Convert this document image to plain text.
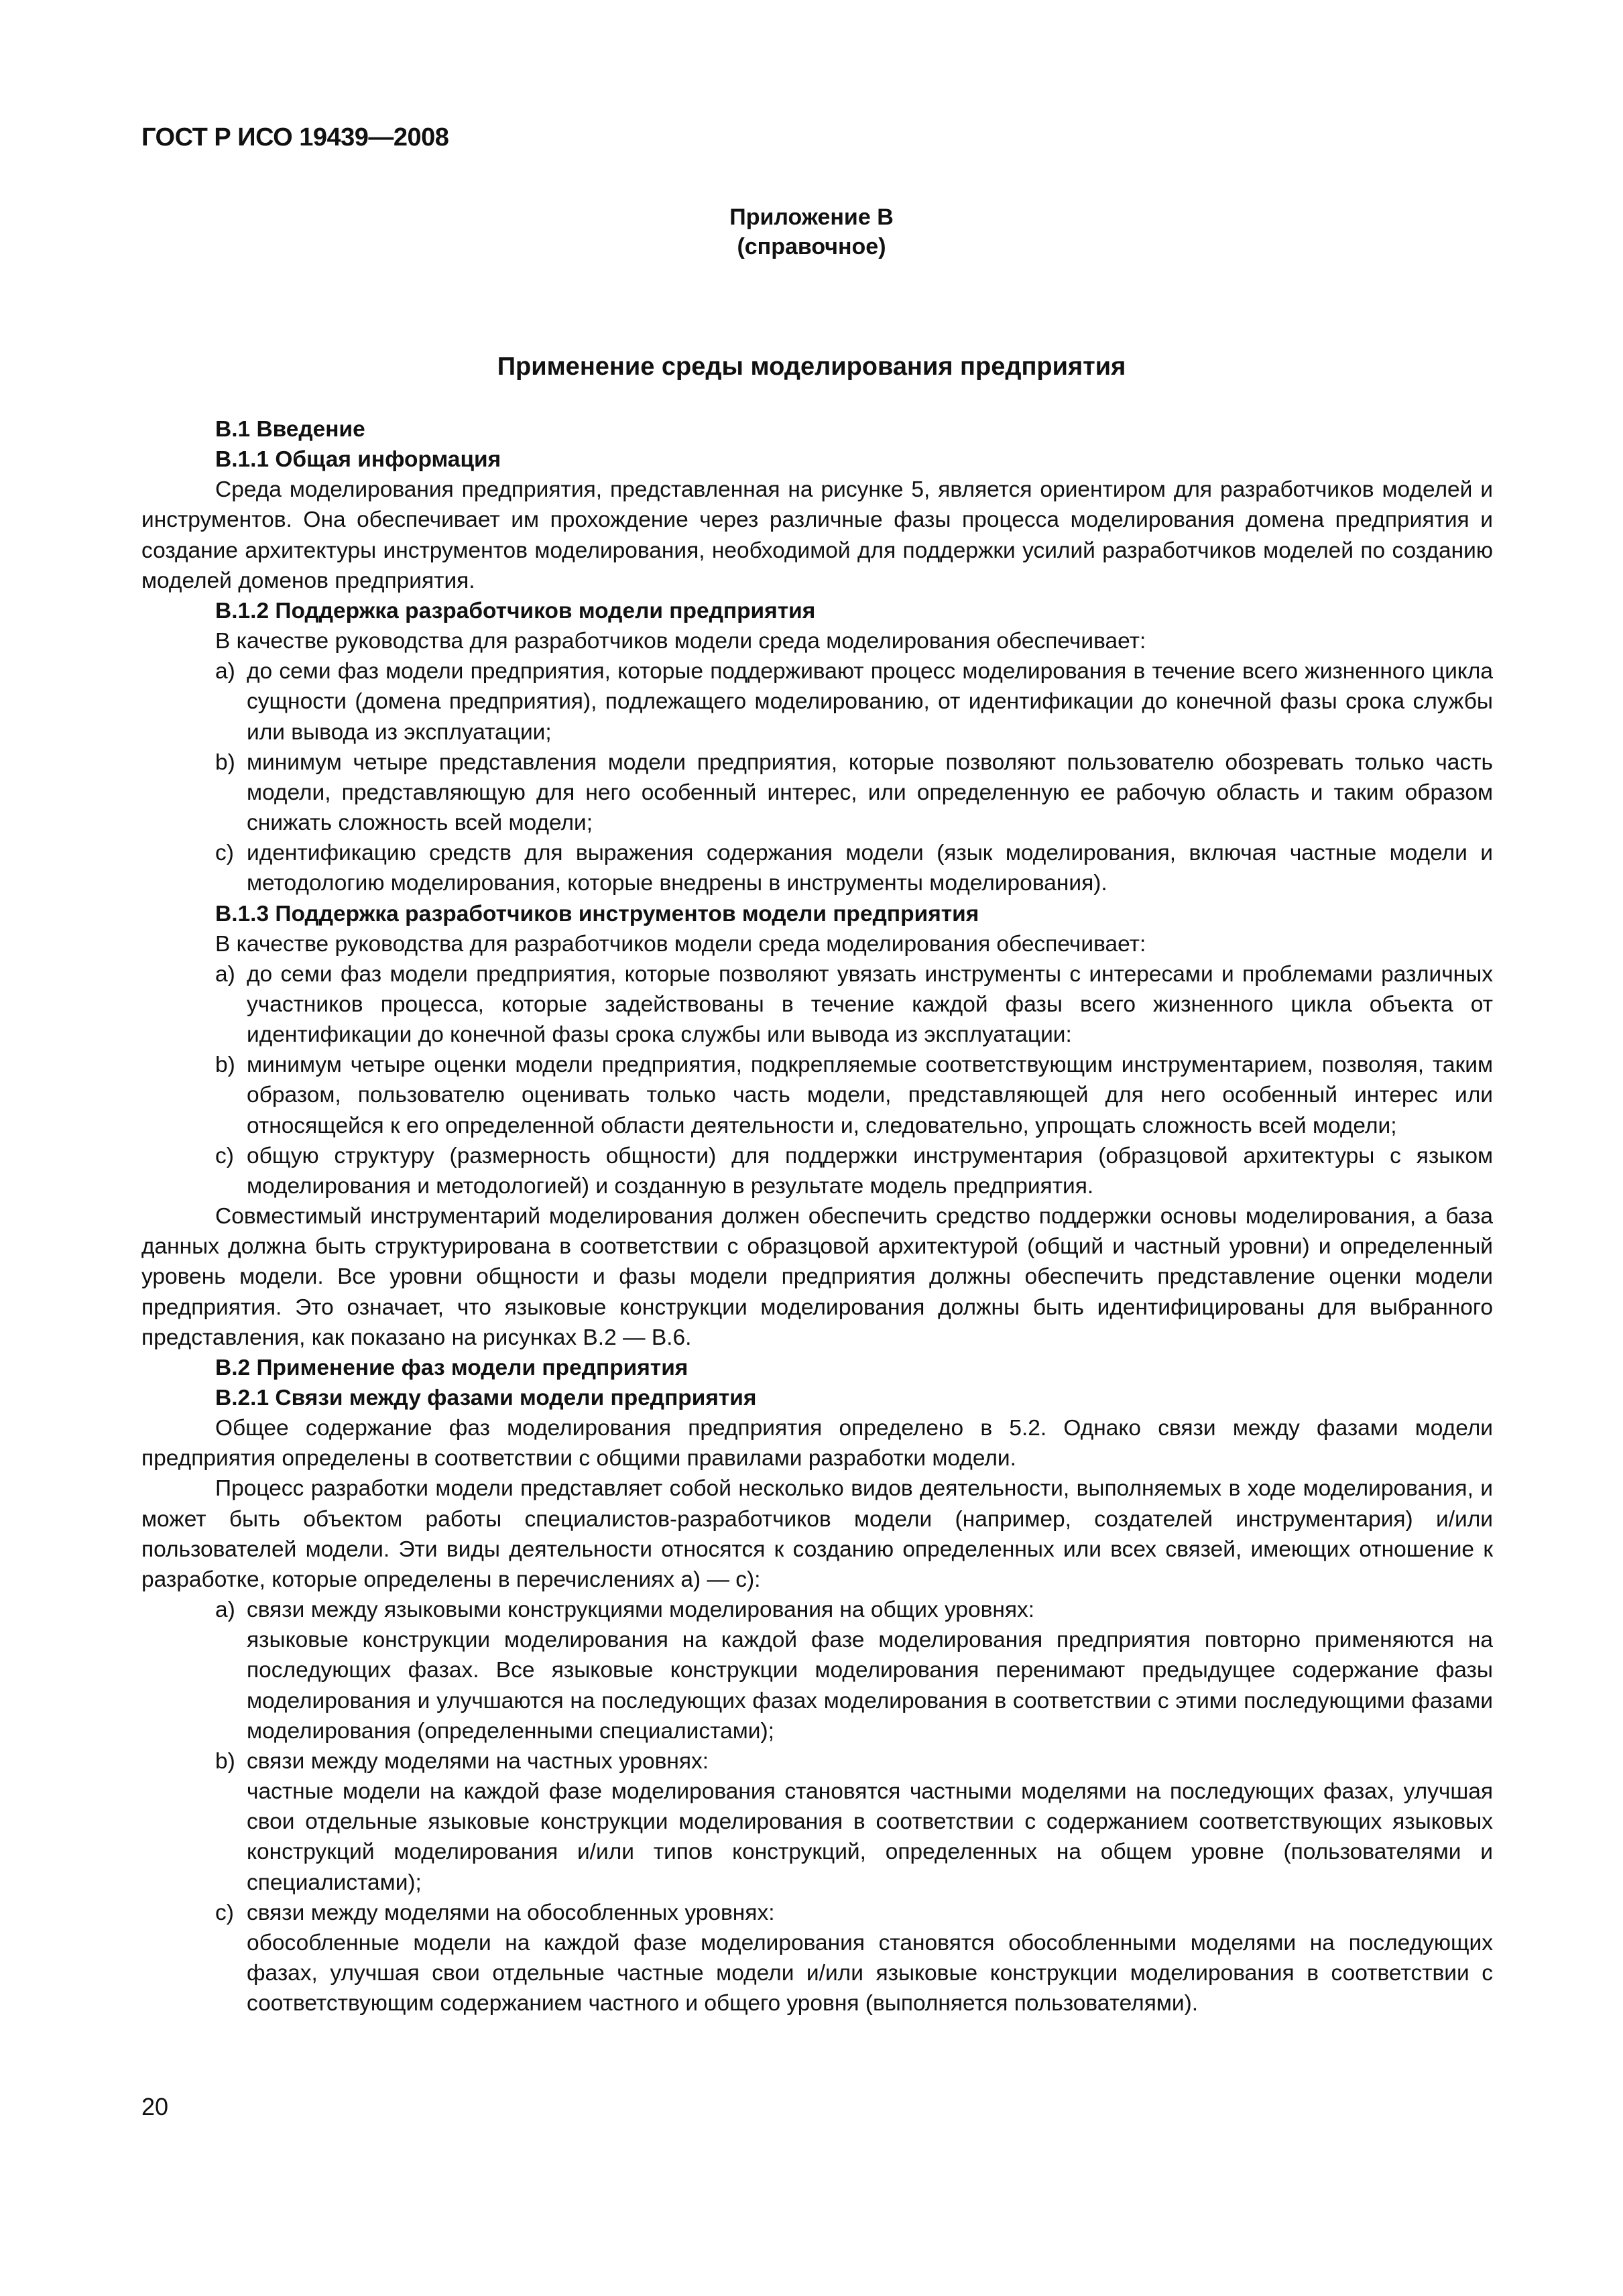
ГОСТ Р ИСО 19439—2008
Приложение В
(справочное)
Применение среды моделирования предприятия

В.1 Введение

В.1.1 Общая информация

Среда моделирования предприятия, представленная на рисунке 5, является ориентиром для разработчиков моделей и инструментов. Она обеспечивает им прохождение через различные фазы процесса моделирования домена предприятия и создание архитектуры инструментов моделирования, необходимой для поддержки усилий разработчиков моделей по созданию моделей доменов предприятия.

В.1.2 Поддержка разработчиков модели предприятия

В качестве руководства для разработчиков модели среда моделирования обеспечивает:

a) до семи фаз модели предприятия, которые поддерживают процесс моделирования в течение всего жизненного цикла сущности (домена предприятия), подлежащего моделированию, от идентификации до конечной фазы срока службы или вывода из эксплуатации;
b) минимум четыре представления модели предприятия, которые позволяют пользователю обозревать только часть модели, представляющую для него особенный интерес, или определенную ее рабочую область и таким образом снижать сложность всей модели;
c) идентификацию средств для выражения содержания модели (язык моделирования, включая частные модели и методологию моделирования, которые внедрены в инструменты моделирования).

В.1.3 Поддержка разработчиков инструментов модели предприятия

В качестве руководства для разработчиков модели среда моделирования обеспечивает:

a) до семи фаз модели предприятия, которые позволяют увязать инструменты с интересами и проблемами различных участников процесса, которые задействованы в течение каждой фазы всего жизненного цикла объекта от идентификации до конечной фазы срока службы или вывода из эксплуатации:
b) минимум четыре оценки модели предприятия, подкрепляемые соответствующим инструментарием, позволяя, таким образом, пользователю оценивать только часть модели, представляющей для него особенный интерес или относящейся к его определенной области деятельности и, следовательно, упрощать сложность всей модели;
c) общую структуру (размерность общности) для поддержки инструментария (образцовой архитектуры с языком моделирования и методологией) и созданную в результате модель предприятия.

Совместимый инструментарий моделирования должен обеспечить средство поддержки основы моделирования, а база данных должна быть структурирована в соответствии с образцовой архитектурой (общий и частный уровни) и определенный уровень модели. Все уровни общности и фазы модели предприятия должны обеспечить представление оценки модели предприятия. Это означает, что языковые конструкции моделирования должны быть идентифицированы для выбранного представления, как показано на рисунках В.2 — В.6.

В.2 Применение фаз модели предприятия

В.2.1 Связи между фазами модели предприятия

Общее содержание фаз моделирования предприятия определено в 5.2. Однако связи между фазами модели предприятия определены в соответствии с общими правилами разработки модели.

Процесс разработки модели представляет собой несколько видов деятельности, выполняемых в ходе моделирования, и может быть объектом работы специалистов-разработчиков модели (например, создателей инструментария) и/или пользователей модели. Эти виды деятельности относятся к созданию определенных или всех связей, имеющих отношение к разработке, которые определены в перечислениях а) — с):

a) связи между языковыми конструкциями моделирования на общих уровнях:
языковые конструкции моделирования на каждой фазе моделирования предприятия повторно применяются на последующих фазах. Все языковые конструкции моделирования перенимают предыдущее содержание фазы моделирования и улучшаются на последующих фазах моделирования в соответствии с этими последующими фазами моделирования (определенными специалистами);
b) связи между моделями на частных уровнях:
частные модели на каждой фазе моделирования становятся частными моделями на последующих фазах, улучшая свои отдельные языковые конструкции моделирования в соответствии с содержанием соответствующих языковых конструкций моделирования и/или типов конструкций, определенных на общем уровне (пользователями и специалистами);
c) связи между моделями на обособленных уровнях:
обособленные модели на каждой фазе моделирования становятся обособленными моделями на последующих фазах, улучшая свои отдельные частные модели и/или языковые конструкции моделирования в соответствии с соответствующим содержанием частного и общего уровня (выполняется пользователями).
20
